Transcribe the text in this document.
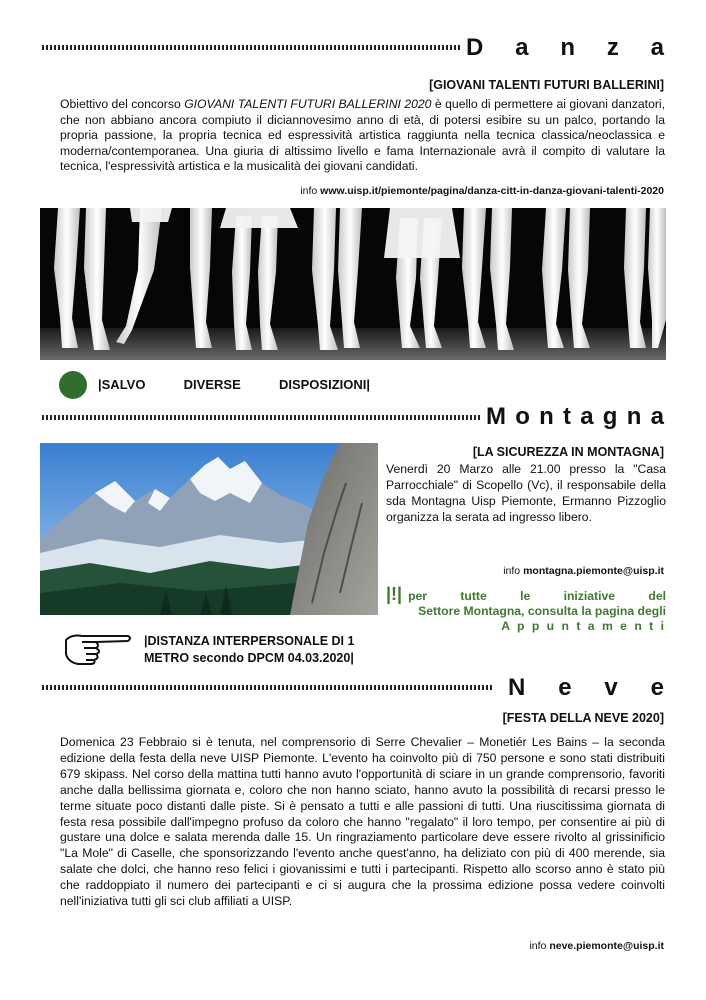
D a n z a
[GIOVANI TALENTI FUTURI BALLERINI]
Obiettivo del concorso GIOVANI TALENTI FUTURI BALLERINI 2020 è quello di permettere ai giovani danzatori, che non abbiano ancora compiuto il diciannovesimo anno di età, di potersi esibire su un palco, portando la propria passione, la propria tecnica ed espressività artistica raggiunta nella tecnica classica/neoclassica e moderna/contemporanea. Una giuria di altissimo livello e fama Internazionale avrà il compito di valutare la tecnica, l'espressività artistica e la musicalità dei giovani candidati.
info www.uisp.it/piemonte/pagina/danza-citt-in-danza-giovani-talenti-2020
|SALVO	DIVERSE	DISPOSIZIONI|
M o n t a g n a
[LA SICUREZZA IN MONTAGNA]
Venerdì 20 Marzo alle 21.00 presso la "Casa Parrocchiale" di Scopello (Vc), il responsabile della sda Montagna Uisp Piemonte, Ermanno Pizzoglio organizza la serata ad ingresso libero.
info montagna.piemonte@uisp.it
|!| per tutte le iniziative del
Settore Montagna, consulta la pagina degli
A p p u n t a m e n t i
|DISTANZA INTERPERSONALE DI 1
METRO secondo DPCM 04.03.2020|
N e v e
[FESTA DELLA NEVE 2020]
Domenica 23 Febbraio si è tenuta, nel comprensorio di Serre Chevalier – Monetiér Les Bains – la seconda edizione della festa della neve UISP Piemonte. L'evento ha coinvolto più di 750 persone e sono stati distribuiti 679 skipass. Nel corso della mattina tutti hanno avuto l'opportunità di sciare in un grande comprensorio, favoriti anche dalla bellissima giornata e, coloro che non hanno sciato, hanno avuto la possibilità di recarsi presso le terme situate poco distanti dalle piste. Si è pensato a tutti e alle passioni di tutti. Una riuscitissima giornata di festa resa possibile dall'impegno profuso da coloro che hanno "regalato" il loro tempo, per consentire ai più di gustare una dolce e salata merenda dalle 15. Un ringraziamento particolare deve essere rivolto al grissinificio "La Mole" di Caselle, che sponsorizzando l'evento anche quest'anno, ha deliziato con più di 400 merende, sia salate che dolci, che hanno reso felici i giovanissimi e tutti i partecipanti. Rispetto allo scorso anno è stato più che raddoppiato il numero dei partecipanti e ci si augura che la prossima edizione possa vedere coinvolti nell'iniziativa tutti gli sci club affiliati a UISP.
info neve.piemonte@uisp.it
